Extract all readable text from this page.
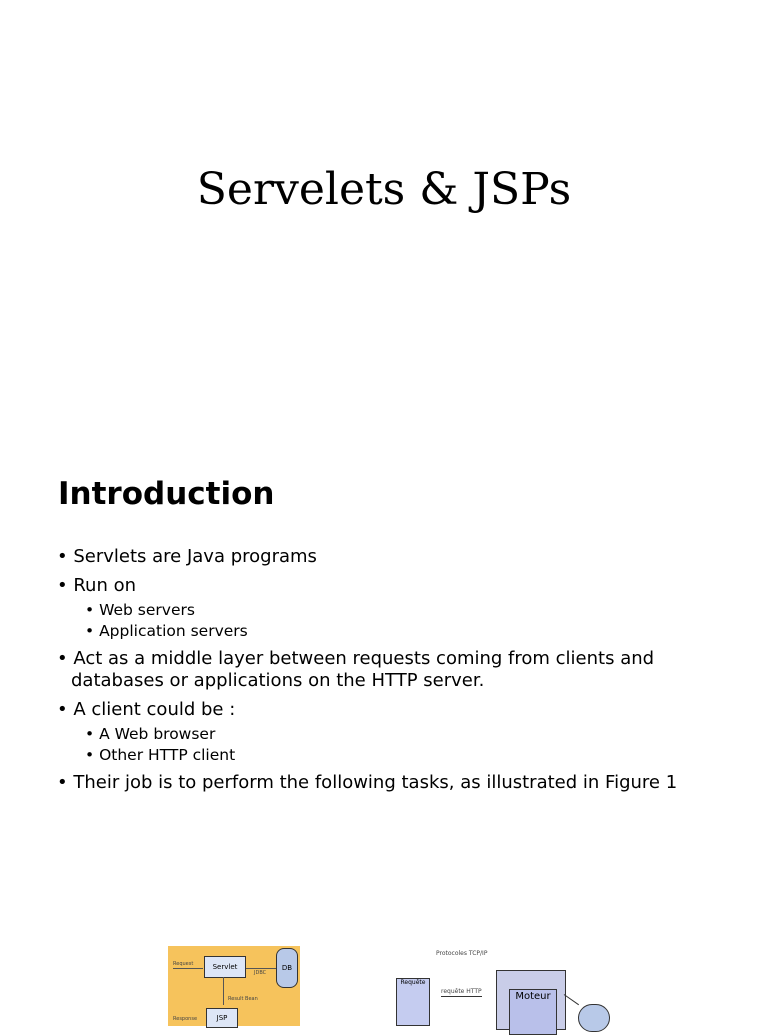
Servelets & JSPs
Introduction
• Servlets are Java programs
• Run on
• Web servers
• Application servers
• Act as a middle layer between requests coming from clients and databases or applications on the HTTP server.
• A client could be :
• A Web browser
• Other HTTP client
• Their job is to perform the following tasks, as illustrated in Figure 1
Request	Servlet
JDBC
DB
Result Bean
Response	JSP
Protocoles TCP/IP
Requête
requête HTTP	Moteur
